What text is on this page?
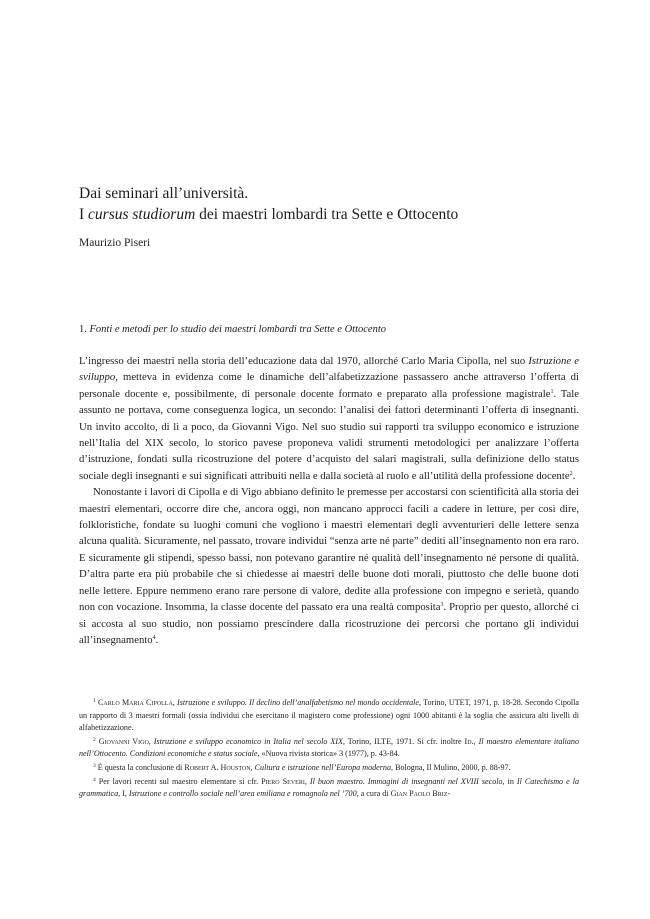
Dai seminari all’università.
I cursus studiorum dei maestri lombardi tra Sette e Ottocento
Maurizio Piseri
1. Fonti e metodi per lo studio dei maestri lombardi tra Sette e Ottocento

L’ingresso dei maestri nella storia dell’educazione data dal 1970, allorché Carlo Maria Cipolla, nel suo Istruzione e sviluppo, metteva in evidenza come le dinamiche dell’alfabetizzazione passassero anche attraverso l’offerta di personale docente e, possibilmente, di personale docente formato e preparato alla professione magistrale$^1$. Tale assunto ne portava, come conseguenza logica, un secondo: l’analisi dei fattori determinanti l’offerta di insegnanti. Un invito accolto, di lì a poco, da Giovanni Vigo. Nel suo studio sui rapporti tra sviluppo economico e istruzione nell’Italia del XIX secolo, lo storico pavese proponeva validi strumenti metodologici per analizzare l’offerta d’istruzione, fondati sulla ricostruzione del potere d’acquisto del salari magistrali, sulla definizione dello status sociale degli insegnanti e sui significati attribuiti nella e dalla società al ruolo e all’utilità della professione docente$^2$.

Nonostante i lavori di Cipolla e di Vigo abbiano definito le premesse per accostarsi con scientificità alla storia dei maestri elementari, occorre dire che, ancora oggi, non mancano approcci facili a cadere in letture, per così dire, folkloristiche, fondate su luoghi comuni che vogliono i maestri elementari degli avventurieri delle lettere senza alcuna qualità. Sicuramente, nel passato, trovare individui “senza arte né parte” dediti all’insegnamento non era raro. E sicuramente gli stipendi, spesso bassi, non potevano garantire né qualità dell’insegnamento né persone di qualità. D’altra parte era più probabile che si chiedesse ai maestri delle buone doti morali, piuttosto che delle buone doti nelle lettere. Eppure nemmeno erano rare persone di valore, dedite alla professione con impegno e serietà, quando non con vocazione. Insomma, la classe docente del passato era una realtà composita$^3$. Proprio per questo, allorché ci si accosta al suo studio, non possiamo prescindere dalla ricostruzione dei percorsi che portano gli individui all’insegnamento$^4$.

$^1$ Carlo Maria Cipolla, Istruzione e sviluppo. Il declino dell’analfabetismo nel mondo occidentale, Torino, UTET, 1971, p. 18-28. Secondo Cipolla un rapporto di 3 maestri formali (ossia individui che esercitano il magistero come professione) ogni 1000 abitanti è la soglia che assicura alti livelli di alfabetizzazione.

$^2$ Giovanni Vigo, Istruzione e sviluppo economico in Italia nel secolo XIX, Torino, ILTE, 1971. Si cfr. inoltre Id., Il maestro elementare italiano nell’Ottocento. Condizioni economiche e status sociale, «Nuova rivista storica» 3 (1977), p. 43-84.

$^3$ È questa la conclusione di Robert A. Houston, Cultura e istruzione nell’Europa moderna, Bologna, Il Mulino, 2000, p. 88-97.

$^4$ Per lavori recenti sul maestro elementare si cfr. Piero Severi, Il buon maestro. Immagini di insegnanti nel XVIII secolo, in Il Catechismo e la grammatica, I, Istruzione e controllo sociale nell’area emiliana e romagnola nel ’700, a cura di Gian Paolo Briz-
